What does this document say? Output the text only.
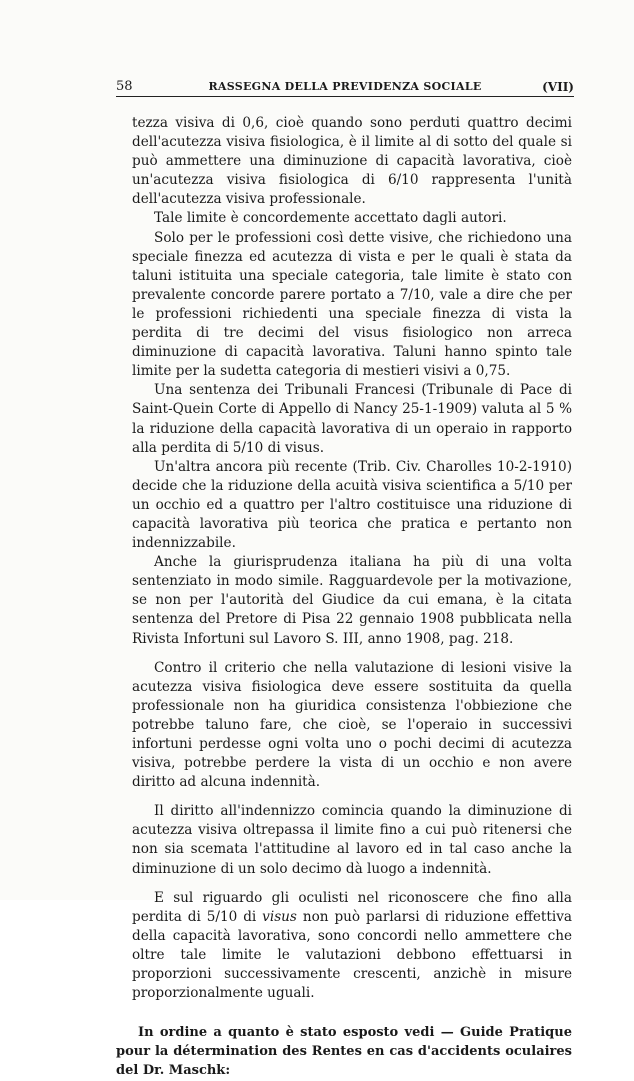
58	RASSEGNA DELLA PREVIDENZA SOCIALE	(VII)

tezza visiva di 0,6, cioè quando sono perduti quattro decimi dell'acutezza visiva fisiologica, è il limite al di sotto del quale si può ammettere una diminuzione di capacità lavorativa, cioè un'acutezza visiva fisiologica di 6/10 rappresenta l'unità dell'acutezza visiva professionale.

Tale limite è concordemente accettato dagli autori.

Solo per le professioni così dette visive, che richiedono una speciale finezza ed acutezza di vista e per le quali è stata da taluni istituita una speciale categoria, tale limite è stato con prevalente concorde parere portato a 7/10, vale a dire che per le professioni richiedenti una speciale finezza di vista la perdita di tre decimi del visus fisiologico non arreca diminuzione di capacità lavorativa. Taluni hanno spinto tale limite per la sudetta categoria di mestieri visivi a 0,75.

Una sentenza dei Tribunali Francesi (Tribunale di Pace di Saint-Quein Corte di Appello di Nancy 25-1-1909) valuta al 5 % la riduzione della capacità lavorativa di un operaio in rapporto alla perdita di 5/10 di visus.

Un'altra ancora più recente (Trib. Civ. Charolles 10-2-1910) decide che la riduzione della acuità visiva scientifica a 5/10 per un occhio ed a quattro per l'altro costituisce una riduzione di capacità lavorativa più teorica che pratica e pertanto non indennizzabile.

Anche la giurisprudenza italiana ha più di una volta sentenziato in modo simile. Ragguardevole per la motivazione, se non per l'autorità del Giudice da cui emana, è la citata sentenza del Pretore di Pisa 22 gennaio 1908 pubblicata nella Rivista Infortuni sul Lavoro S. III, anno 1908, pag. 218.

Contro il criterio che nella valutazione di lesioni visive la acutezza visiva fisiologica deve essere sostituita da quella professionale non ha giuridica consistenza l'obbiezione che potrebbe taluno fare, che cioè, se l'operaio in successivi infortuni perdesse ogni volta uno o pochi decimi di acutezza visiva, potrebbe perdere la vista di un occhio e non avere diritto ad alcuna indennità.

Il diritto all'indennizzo comincia quando la diminuzione di acutezza visiva oltrepassa il limite fino a cui può ritenersi che non sia scemata l'attitudine al lavoro ed in tal caso anche la diminuzione di un solo decimo dà luogo a indennità.

E sul riguardo gli oculisti nel riconoscere che fino alla perdita di 5/10 di visus non può parlarsi di riduzione effettiva della capacità lavorativa, sono concordi nello ammettere che oltre tale limite le valutazioni debbono effettuarsi in proporzioni successivamente crescenti, anzichè in misure proporzionalmente uguali.

In ordine a quanto è stato esposto vedi — Guide Pratique pour la détermination des Rentes en cas d'accidents oculaires del Dr. Maschk:
